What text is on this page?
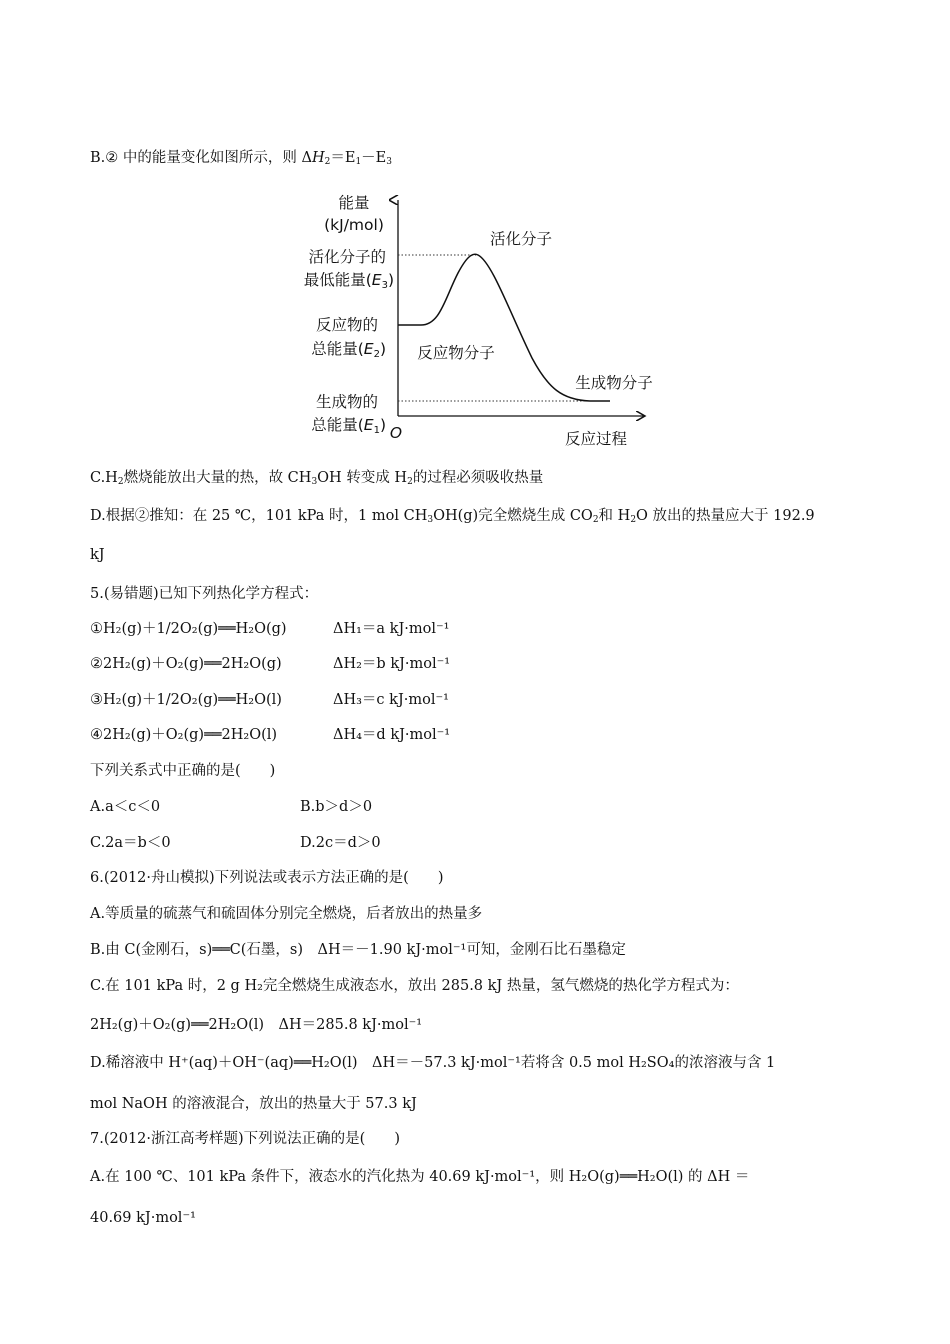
B.② 中的能量变化如图所示，则 $\Delta H_2=E_1-E_3$
能量
(kJ/mol)
活化分子的
最低能量(E3)
反应物的
总能量(E2)
生成物的
总能量(E1) O	反应过程
活化分子
反应物分子
生成物分子
$C.H_2$燃烧能放出大量的热，故 $CH_3OH$ 转变成 $H_2$的过程必须吸收热量
D.根据②推知：在 25 ℃，101 kPa 时，1 mol $CH_3OH(g)$完全燃烧生成 $CO_2$和 $H_2O$ 放出的热量应大于 192.9
kJ
5.(易错题)已知下列热化学方程式：
①H₂(g)＋1/2O₂(g)══H₂O(g)	ΔH₁＝a kJ·mol⁻¹
②2H₂(g)＋O₂(g)══2H₂O(g)	ΔH₂＝b kJ·mol⁻¹
③H₂(g)＋1/2O₂(g)══H₂O(l)	ΔH₃＝c kJ·mol⁻¹
④2H₂(g)＋O₂(g)══2H₂O(l)	ΔH₄＝d kJ·mol⁻¹
下列关系式中正确的是(　　)
A.a＜c＜0	B.b＞d＞0
C.2a＝b＜0	D.2c＝d＞0
6.(2012·舟山模拟)下列说法或表示方法正确的是(　　)
A.等质量的硫蒸气和硫固体分别完全燃烧，后者放出的热量多
B.由 C(金刚石，s)══C(石墨，s)　ΔH＝－1.90 kJ·mol⁻¹可知，金刚石比石墨稳定
C.在 101 kPa 时，2 g H₂完全燃烧生成液态水，放出 285.8 kJ 热量，氢气燃烧的热化学方程式为：
2H₂(g)＋O₂(g)══2H₂O(l)　ΔH＝285.8 kJ·mol⁻¹
D.稀溶液中 H⁺(aq)＋OH⁻(aq)══H₂O(l)　ΔH＝－57.3 kJ·mol⁻¹若将含 0.5 mol H₂SO₄的浓溶液与含 1
mol NaOH 的溶液混合，放出的热量大于 57.3 kJ
7.(2012·浙江高考样题)下列说法正确的是(　　)
A.在 100 ℃、101 kPa 条件下，液态水的汽化热为 40.69 kJ·mol⁻¹，则 H₂O(g)══H₂O(l) 的 ΔH ＝
40.69 kJ·mol⁻¹
